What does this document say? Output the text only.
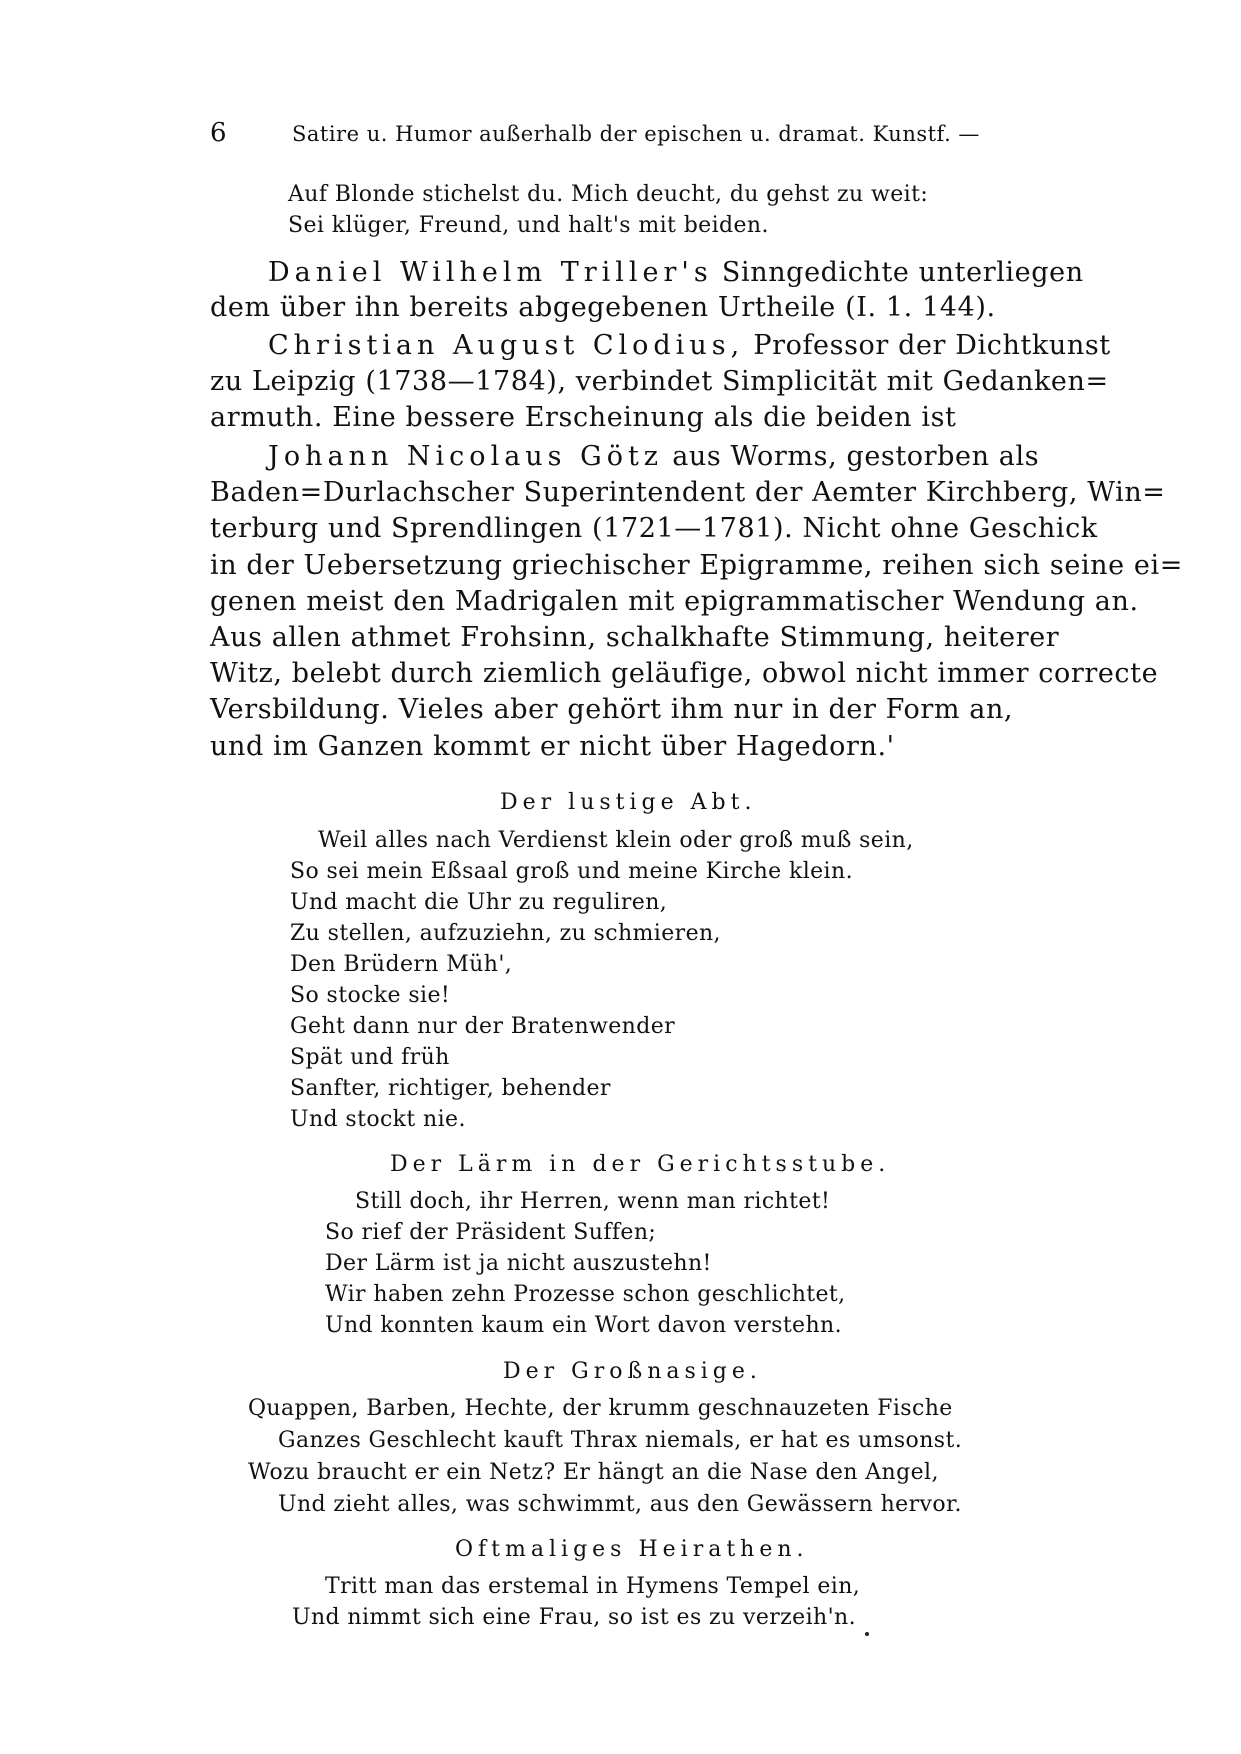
6	Satire u. Humor außerhalb der epischen u. dramat. Kunstf. —
Auf Blonde stichelst du. Mich deucht, du gehst zu weit:
Sei klüger, Freund, und halt's mit beiden.
Daniel Wilhelm Triller's Sinngedichte unterliegen
dem über ihn bereits abgegebenen Urtheile (I. 1. 144).
Christian August Clodius, Professor der Dichtkunst
zu Leipzig (1738—1784), verbindet Simplicität mit Gedanken=
armuth. Eine bessere Erscheinung als die beiden ist
Johann Nicolaus Götz aus Worms, gestorben als
Baden=Durlachscher Superintendent der Aemter Kirchberg, Win=
terburg und Sprendlingen (1721—1781). Nicht ohne Geschick
in der Uebersetzung griechischer Epigramme, reihen sich seine ei=
genen meist den Madrigalen mit epigrammatischer Wendung an.
Aus allen athmet Frohsinn, schalkhafte Stimmung, heiterer
Witz, belebt durch ziemlich geläufige, obwol nicht immer correcte
Versbildung. Vieles aber gehört ihm nur in der Form an,
und im Ganzen kommt er nicht über Hagedorn.'
Der lustige Abt.
Weil alles nach Verdienst klein oder groß muß sein,
So sei mein Eßsaal groß und meine Kirche klein.
Und macht die Uhr zu reguliren,
Zu stellen, aufzuziehn, zu schmieren,
Den Brüdern Müh',
So stocke sie!
Geht dann nur der Bratenwender
Spät und früh
Sanfter, richtiger, behender
Und stockt nie.
Der Lärm in der Gerichtsstube.
Still doch, ihr Herren, wenn man richtet!
So rief der Präsident Suffen;
Der Lärm ist ja nicht auszustehn!
Wir haben zehn Prozesse schon geschlichtet,
Und konnten kaum ein Wort davon verstehn.
Der Großnasige.
Quappen, Barben, Hechte, der krumm geschnauzeten Fische
Ganzes Geschlecht kauft Thrax niemals, er hat es umsonst.
Wozu braucht er ein Netz? Er hängt an die Nase den Angel,
Und zieht alles, was schwimmt, aus den Gewässern hervor.
Oftmaliges Heirathen.
Tritt man das erstemal in Hymens Tempel ein,
Und nimmt sich eine Frau, so ist es zu verzeih'n.
